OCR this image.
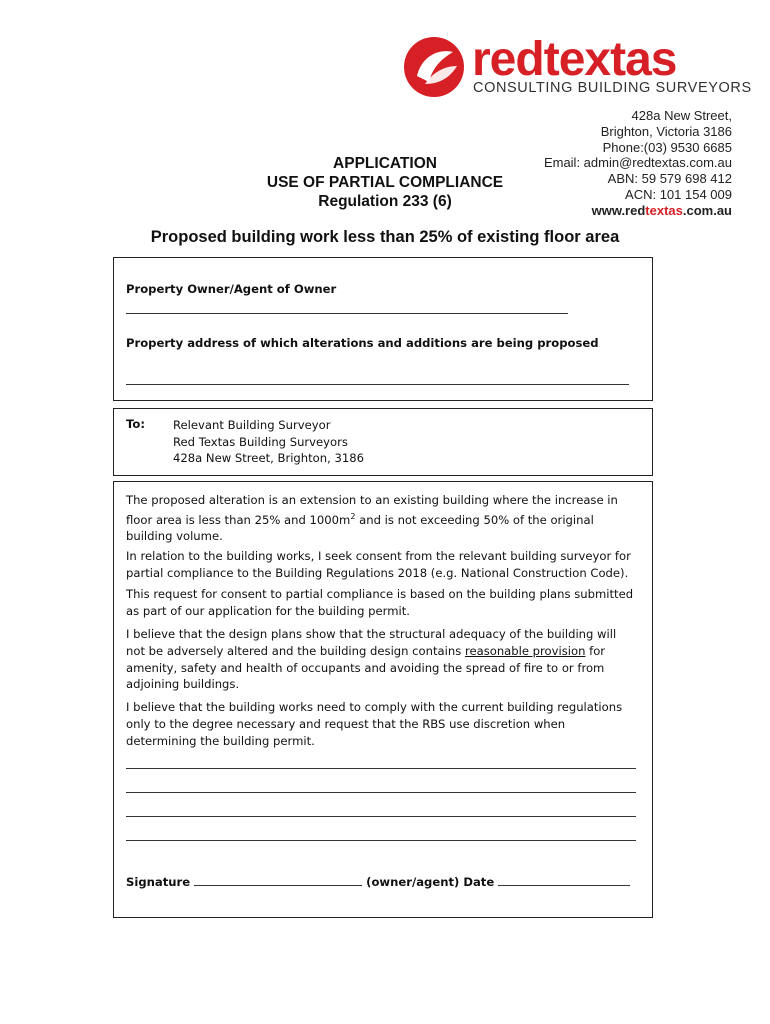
redtextas
CONSULTING BUILDING SURVEYORS
428a New Street,
Brighton, Victoria 3186
Phone:(03) 9530 6685
Email: admin@redtextas.com.au
ABN: 59 579 698 412
ACN: 101 154 009
www.redtextas.com.au
APPLICATION
USE OF PARTIAL COMPLIANCE
Regulation 233 (6)
Proposed building work less than 25% of existing floor area
Property Owner/Agent of Owner
Property address of which alterations and additions are being proposed
To: Relevant Building Surveyor
Red Textas Building Surveyors
428a New Street, Brighton, 3186
The proposed alteration is an extension to an existing building where the increase in floor area is less than 25% and $1000m^2$ and is not exceeding 50% of the original building volume.
In relation to the building works, I seek consent from the relevant building surveyor for partial compliance to the Building Regulations 2018 (e.g. National Construction Code).
This request for consent to partial compliance is based on the building plans submitted as part of our application for the building permit.
I believe that the design plans show that the structural adequacy of the building will not be adversely altered and the building design contains reasonable provision for amenity, safety and health of occupants and avoiding the spread of fire to or from adjoining buildings.
I believe that the building works need to comply with the current building regulations only to the degree necessary and request that the RBS use discretion when determining the building permit.
Signature	(owner/agent) Date
